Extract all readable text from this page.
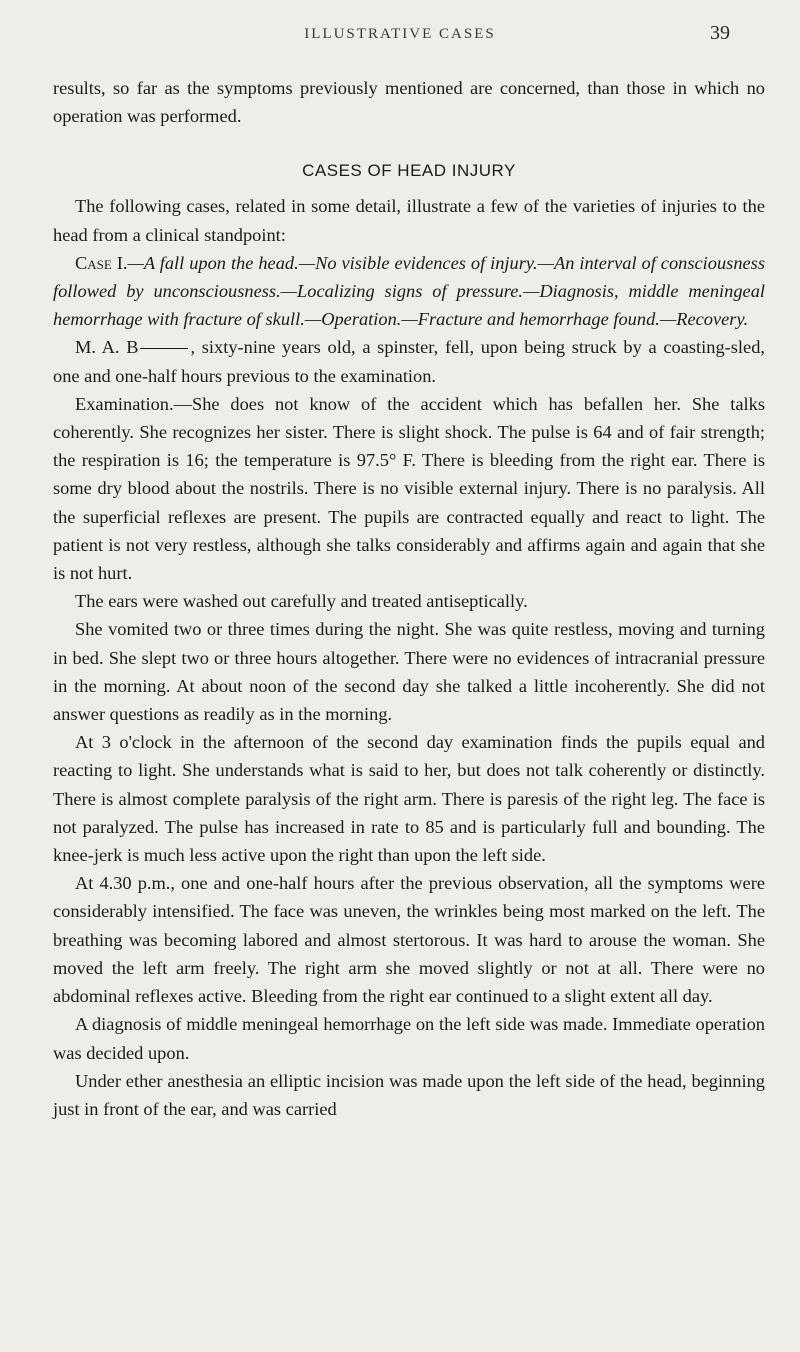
ILLUSTRATIVE CASES	39

results, so far as the symptoms previously mentioned are concerned, than those in which no operation was performed.

CASES OF HEAD INJURY

The following cases, related in some detail, illustrate a few of the varieties of injuries to the head from a clinical standpoint:

Case I.—A fall upon the head.—No visible evidences of injury.—An interval of consciousness followed by unconsciousness.—Localizing signs of pressure.—Diagnosis, middle meningeal hemorrhage with fracture of skull.—Operation.—Fracture and hemorrhage found.—Recovery.

M. A. B	, sixty-nine years old, a spinster, fell, upon being struck by a coasting-sled, one and one-half hours previous to the examination.

Examination.—She does not know of the accident which has befallen her. She talks coherently. She recognizes her sister. There is slight shock. The pulse is 64 and of fair strength; the respiration is 16; the temperature is 97.5° F. There is bleeding from the right ear. There is some dry blood about the nostrils. There is no visible external injury. There is no paralysis. All the superficial reflexes are present. The pupils are contracted equally and react to light. The patient is not very restless, although she talks considerably and affirms again and again that she is not hurt.

The ears were washed out carefully and treated antiseptically.

She vomited two or three times during the night. She was quite restless, moving and turning in bed. She slept two or three hours altogether. There were no evidences of intracranial pressure in the morning. At about noon of the second day she talked a little incoherently. She did not answer questions as readily as in the morning.

At 3 o'clock in the afternoon of the second day examination finds the pupils equal and reacting to light. She understands what is said to her, but does not talk coherently or distinctly. There is almost complete paralysis of the right arm. There is paresis of the right leg. The face is not paralyzed. The pulse has increased in rate to 85 and is particularly full and bounding. The knee-jerk is much less active upon the right than upon the left side.

At 4.30 p.m., one and one-half hours after the previous observation, all the symptoms were considerably intensified. The face was uneven, the wrinkles being most marked on the left. The breathing was becoming labored and almost stertorous. It was hard to arouse the woman. She moved the left arm freely. The right arm she moved slightly or not at all. There were no abdominal reflexes active. Bleeding from the right ear continued to a slight extent all day.

A diagnosis of middle meningeal hemorrhage on the left side was made. Immediate operation was decided upon.

Under ether anesthesia an elliptic incision was made upon the left side of the head, beginning just in front of the ear, and was carried
